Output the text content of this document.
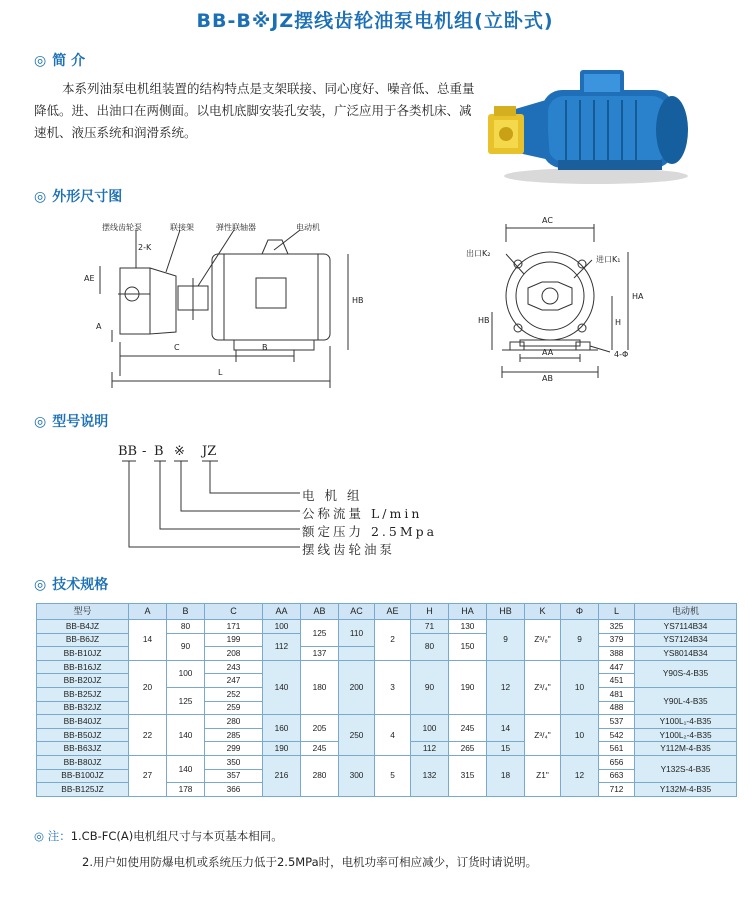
BB-B※JZ摆线齿轮油泵电机组(立卧式)
◎ 简 介
本系列油泵电机组装置的结构特点是支架联接、同心度好、噪音低、总重量降低。进、出油口在两侧面。以电机底脚安装孔安装，广泛应用于各类机床、减速机、液压系统和润滑系统。
◎ 外形尺寸图
摆线齿轮泵	联接架	弹性联轴器	电动机
2-K
AE
A
C	B
L
HB
AC
出口K₂
进口K₁
HA
H
HB
AA
AB
4-Φ
◎ 型号说明
BB - B ※ JZ
电 机 组
公称流量 L/min
额定压力 2.5Mpa
摆线齿轮油泵
◎ 技术规格
型号	A	B	C	AA	AB	AC	AE	H	HA	HB	K	Φ	L	电动机
BB-B4JZ	14	80	171	100	125	110	2	71	130	9	Z³/₈"	9	325	YS7114B34
BB-B6JZ		90	199	112				80	150				379	YS7124B34
BB-B10JZ			208		137								388	YS8014B34
BB-B16JZ	20	100	243	140	180	200	3	90	190	12	Z³/₄"	10	447	Y90S-4-B35
BB-B20JZ			247										451	
BB-B25JZ		125	252										481	Y90L-4-B35
BB-B32JZ			259										488	
BB-B40JZ	22	140	280	160	205	250	4	100	245	14	Z³/₄"	10	537	Y100L₁-4-B35
BB-B50JZ			285										542	Y100L₂-4-B35
BB-B63JZ			299	190	245			112	265	15			561	Y112M-4-B35
BB-B80JZ	27	140	350	216	280	300	5	132	315	18	Z1"	12	656	Y132S-4-B35
BB-B100JZ			357										663	
BB-B125JZ		178	366										712	Y132M-4-B35
◎ 注：1.CB-FC(A)电机组尺寸与本页基本相同。
2.用户如使用防爆电机或系统压力低于2.5MPa时，电机功率可相应减少，订货时请说明。
